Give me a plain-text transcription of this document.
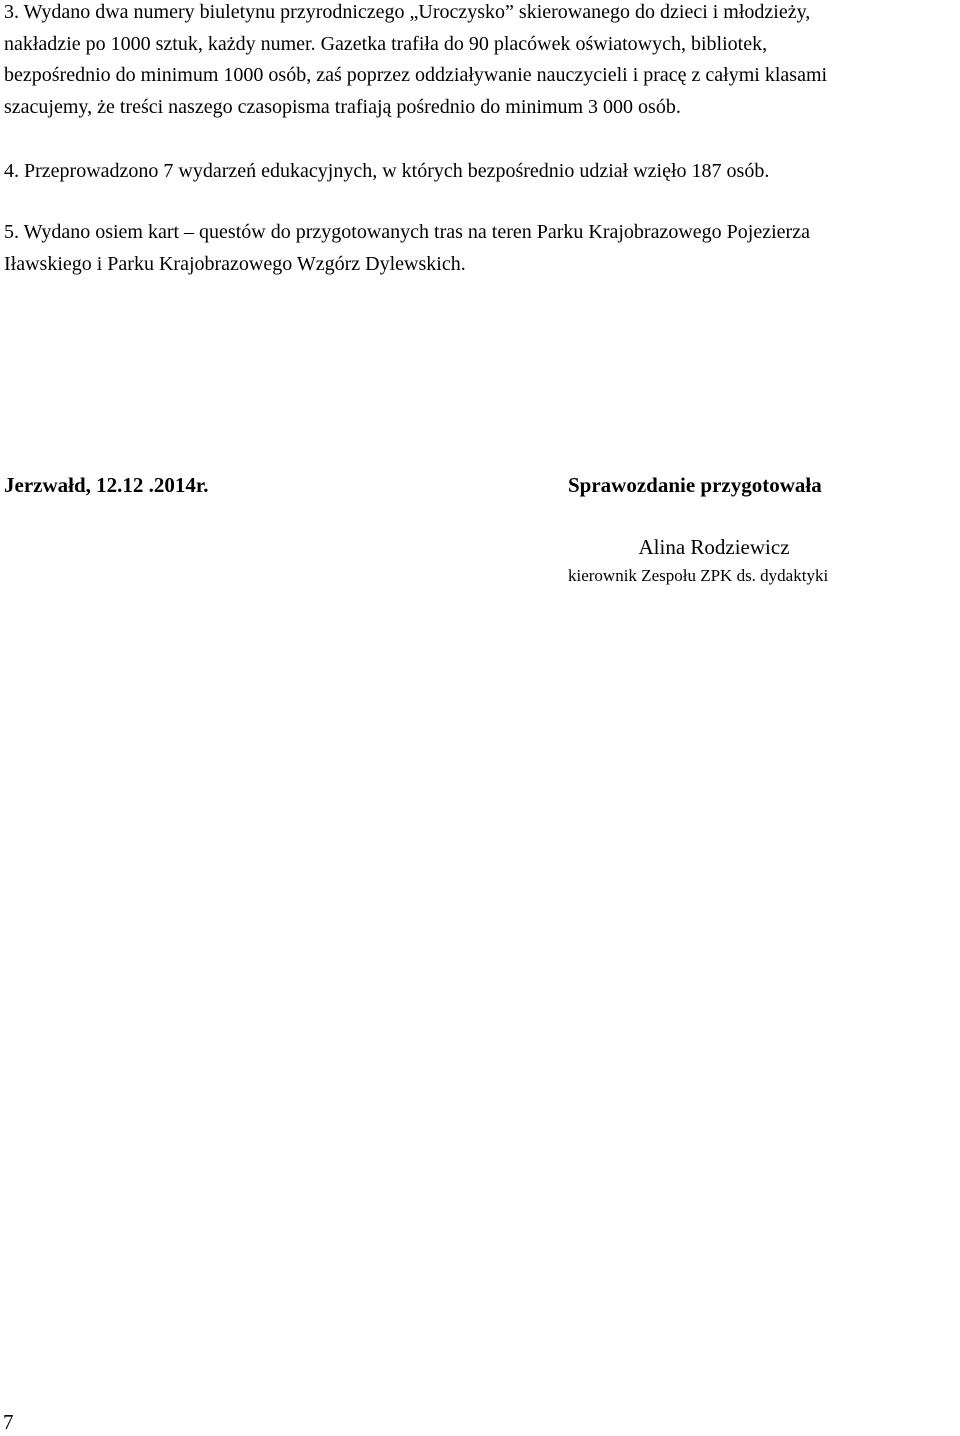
3. Wydano dwa numery biuletynu przyrodniczego „Uroczysko” skierowanego do dzieci i młodzieży,
nakładzie po 1000 sztuk, każdy numer. Gazetka trafiła do 90 placówek oświatowych, bibliotek,
bezpośrednio do minimum 1000 osób, zaś poprzez oddziaływanie nauczycieli i pracę z całymi klasami
szacujemy, że treści naszego czasopisma trafiają pośrednio do minimum 3 000 osób.

4. Przeprowadzono 7 wydarzeń edukacyjnych, w których bezpośrednio udział wzięło 187 osób.

5. Wydano osiem kart – questów do przygotowanych tras na teren Parku Krajobrazowego Pojezierza
Iławskiego i Parku Krajobrazowego Wzgórz Dylewskich.

Jerzwałd, 12.12 .2014r.	Sprawozdanie przygotowała
Alina Rodziewicz
kierownik Zespołu ZPK ds. dydaktyki
7
